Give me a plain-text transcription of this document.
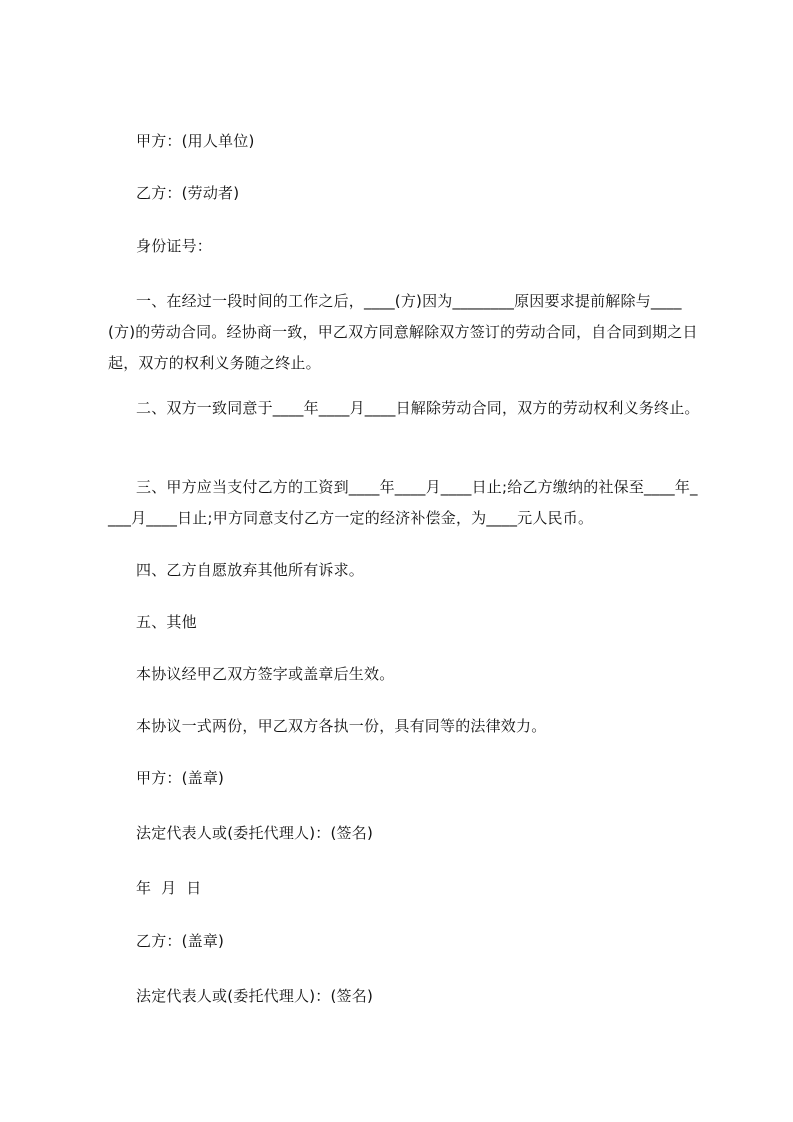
甲方：(用人单位)
乙方：(劳动者)
身份证号：
一、在经过一段时间的工作之后，____(方)因为________原因要求提前解除与____(方)的劳动合同。经协商一致，甲乙双方同意解除双方签订的劳动合同，自合同到期之日起，双方的权利义务随之终止。
二、双方一致同意于____年____月____日解除劳动合同，双方的劳动权利义务终止。
三、甲方应当支付乙方的工资到____年____月____日止;给乙方缴纳的社保至____年____月____日止;甲方同意支付乙方一定的经济补偿金，为____元人民币。
四、乙方自愿放弃其他所有诉求。
五、其他
本协议经甲乙双方签字或盖章后生效。
本协议一式两份，甲乙双方各执一份，具有同等的法律效力。
甲方：(盖章)
法定代表人或(委托代理人)：(签名)
年  月  日
乙方：(盖章)
法定代表人或(委托代理人)：(签名)
